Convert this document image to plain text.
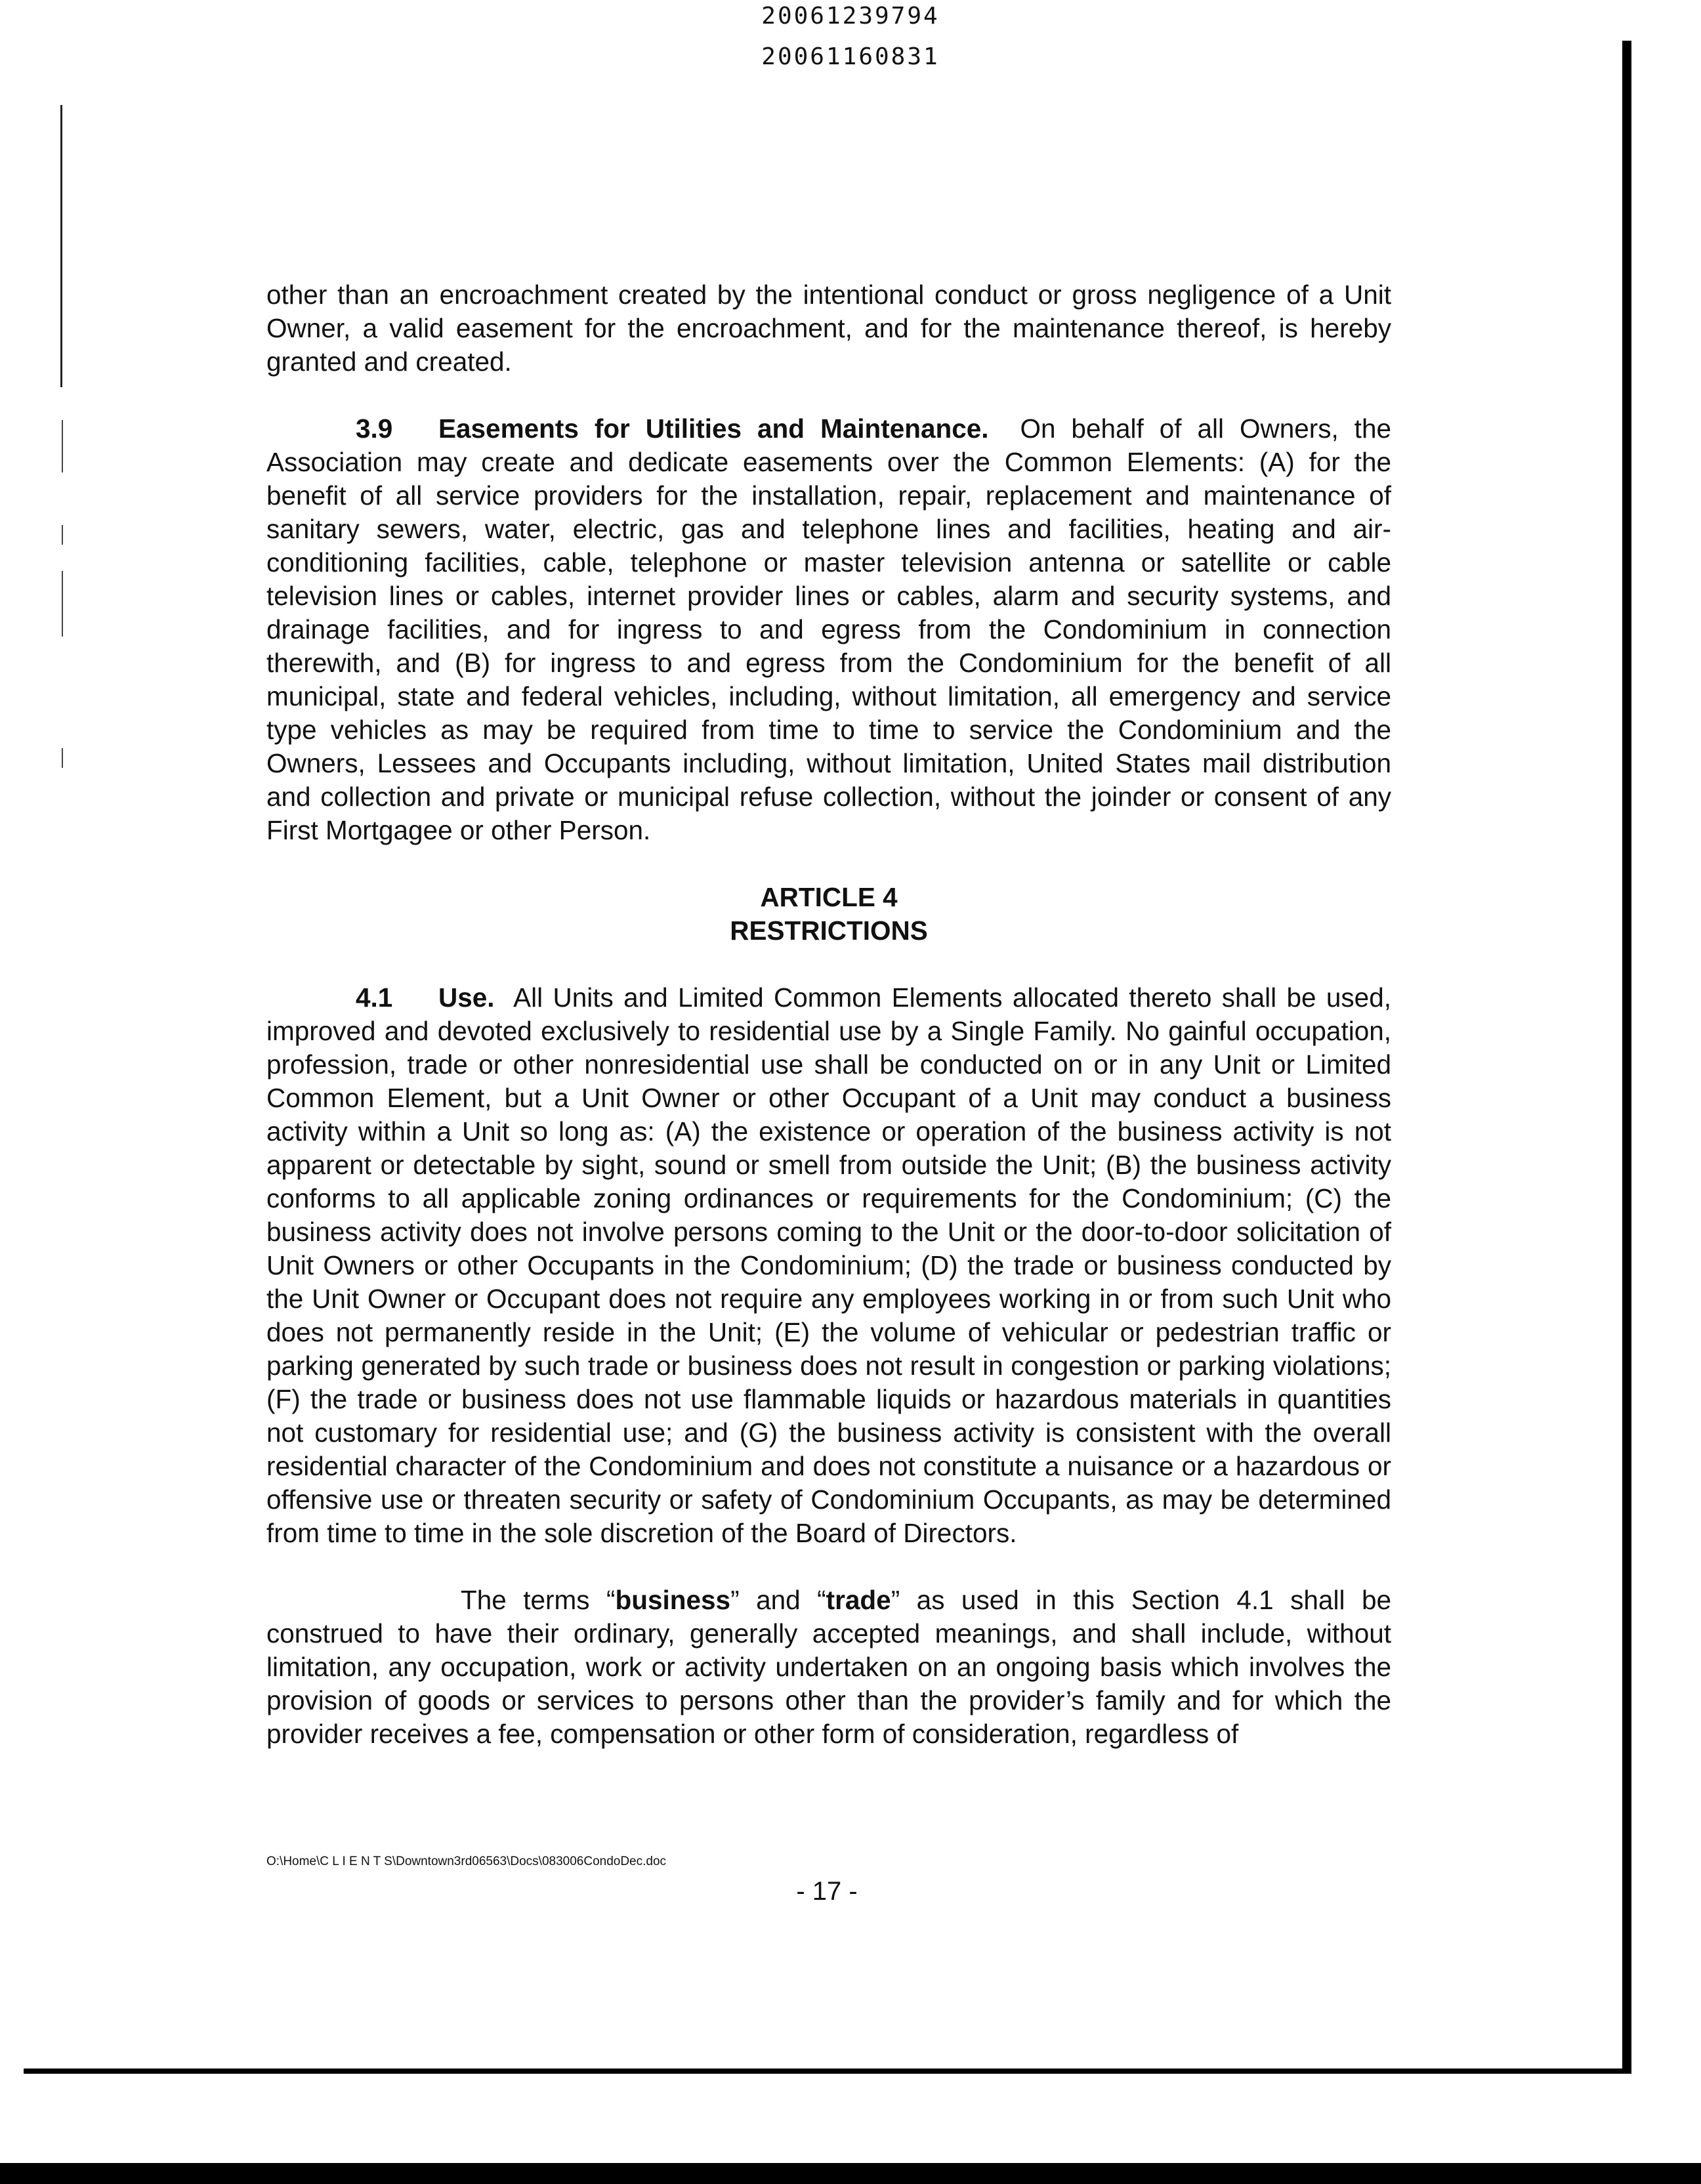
20061239794
20061160831

other than an encroachment created by the intentional conduct or gross negligence of a Unit Owner, a valid easement for the encroachment, and for the maintenance thereof, is hereby granted and created.

3.9 Easements for Utilities and Maintenance. On behalf of all Owners, the Association may create and dedicate easements over the Common Elements: (A) for the benefit of all service providers for the installation, repair, replacement and maintenance of sanitary sewers, water, electric, gas and telephone lines and facilities, heating and air-conditioning facilities, cable, telephone or master television antenna or satellite or cable television lines or cables, internet provider lines or cables, alarm and security systems, and drainage facilities, and for ingress to and egress from the Condominium in connection therewith, and (B) for ingress to and egress from the Condominium for the benefit of all municipal, state and federal vehicles, including, without limitation, all emergency and service type vehicles as may be required from time to time to service the Condominium and the Owners, Lessees and Occupants including, without limitation, United States mail distribution and collection and private or municipal refuse collection, without the joinder or consent of any First Mortgagee or other Person.

ARTICLE 4

RESTRICTIONS

4.1 Use. All Units and Limited Common Elements allocated thereto shall be used, improved and devoted exclusively to residential use by a Single Family. No gainful occupation, profession, trade or other nonresidential use shall be conducted on or in any Unit or Limited Common Element, but a Unit Owner or other Occupant of a Unit may conduct a business activity within a Unit so long as: (A) the existence or operation of the business activity is not apparent or detectable by sight, sound or smell from outside the Unit; (B) the business activity conforms to all applicable zoning ordinances or requirements for the Condominium; (C) the business activity does not involve persons coming to the Unit or the door-to-door solicitation of Unit Owners or other Occupants in the Condominium; (D) the trade or business conducted by the Unit Owner or Occupant does not require any employees working in or from such Unit who does not permanently reside in the Unit; (E) the volume of vehicular or pedestrian traffic or parking generated by such trade or business does not result in congestion or parking violations; (F) the trade or business does not use flammable liquids or hazardous materials in quantities not customary for residential use; and (G) the business activity is consistent with the overall residential character of the Condominium and does not constitute a nuisance or a hazardous or offensive use or threaten security or safety of Condominium Occupants, as may be determined from time to time in the sole discretion of the Board of Directors.

The terms “business” and “trade” as used in this Section 4.1 shall be construed to have their ordinary, generally accepted meanings, and shall include, without limitation, any occupation, work or activity undertaken on an ongoing basis which involves the provision of goods or services to persons other than the provider’s family and for which the provider receives a fee, compensation or other form of consideration, regardless of

O:\Home\C L I E N T S\Downtown3rd06563\Docs\083006CondoDec.doc
- 17 -
